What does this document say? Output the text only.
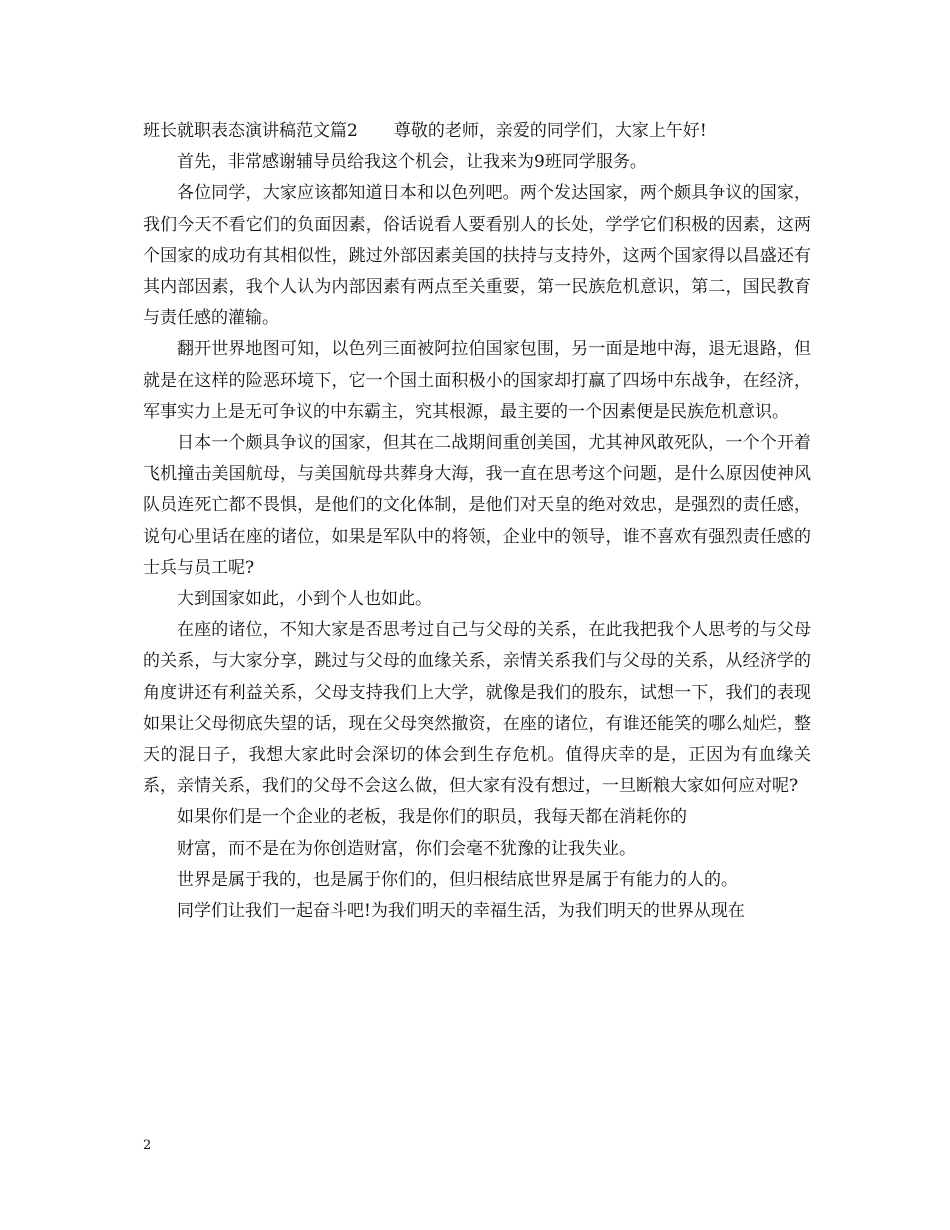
班长就职表态演讲稿范文篇2 尊敬的老师，亲爱的同学们，大家上午好!

首先，非常感谢辅导员给我这个机会，让我来为9班同学服务。

各位同学，大家应该都知道日本和以色列吧。两个发达国家，两个颇具争议的国家，我们今天不看它们的负面因素，俗话说看人要看别人的长处，学学它们积极的因素，这两个国家的成功有其相似性，跳过外部因素美国的扶持与支持外，这两个国家得以昌盛还有其内部因素，我个人认为内部因素有两点至关重要，第一民族危机意识，第二，国民教育与责任感的灌输。

翻开世界地图可知，以色列三面被阿拉伯国家包围，另一面是地中海，退无退路，但就是在这样的险恶环境下，它一个国土面积极小的国家却打赢了四场中东战争，在经济，军事实力上是无可争议的中东霸主，究其根源，最主要的一个因素便是民族危机意识。

日本一个颇具争议的国家，但其在二战期间重创美国，尤其神风敢死队，一个个开着飞机撞击美国航母，与美国航母共葬身大海，我一直在思考这个问题，是什么原因使神风队员连死亡都不畏惧，是他们的文化体制，是他们对天皇的绝对效忠，是强烈的责任感，说句心里话在座的诸位，如果是军队中的将领，企业中的领导，谁不喜欢有强烈责任感的士兵与员工呢?

大到国家如此，小到个人也如此。

在座的诸位，不知大家是否思考过自己与父母的关系，在此我把我个人思考的与父母的关系，与大家分享，跳过与父母的血缘关系，亲情关系我们与父母的关系，从经济学的角度讲还有利益关系，父母支持我们上大学，就像是我们的股东，试想一下，我们的表现如果让父母彻底失望的话，现在父母突然撤资，在座的诸位，有谁还能笑的哪么灿烂，整天的混日子，我想大家此时会深切的体会到生存危机。值得庆幸的是，正因为有血缘关系，亲情关系，我们的父母不会这么做，但大家有没有想过，一旦断粮大家如何应对呢?

如果你们是一个企业的老板，我是你们的职员，我每天都在消耗你的

财富，而不是在为你创造财富，你们会毫不犹豫的让我失业。

世界是属于我的，也是属于你们的，但归根结底世界是属于有能力的人的。

同学们让我们一起奋斗吧!为我们明天的幸福生活，为我们明天的世界从现在

2
